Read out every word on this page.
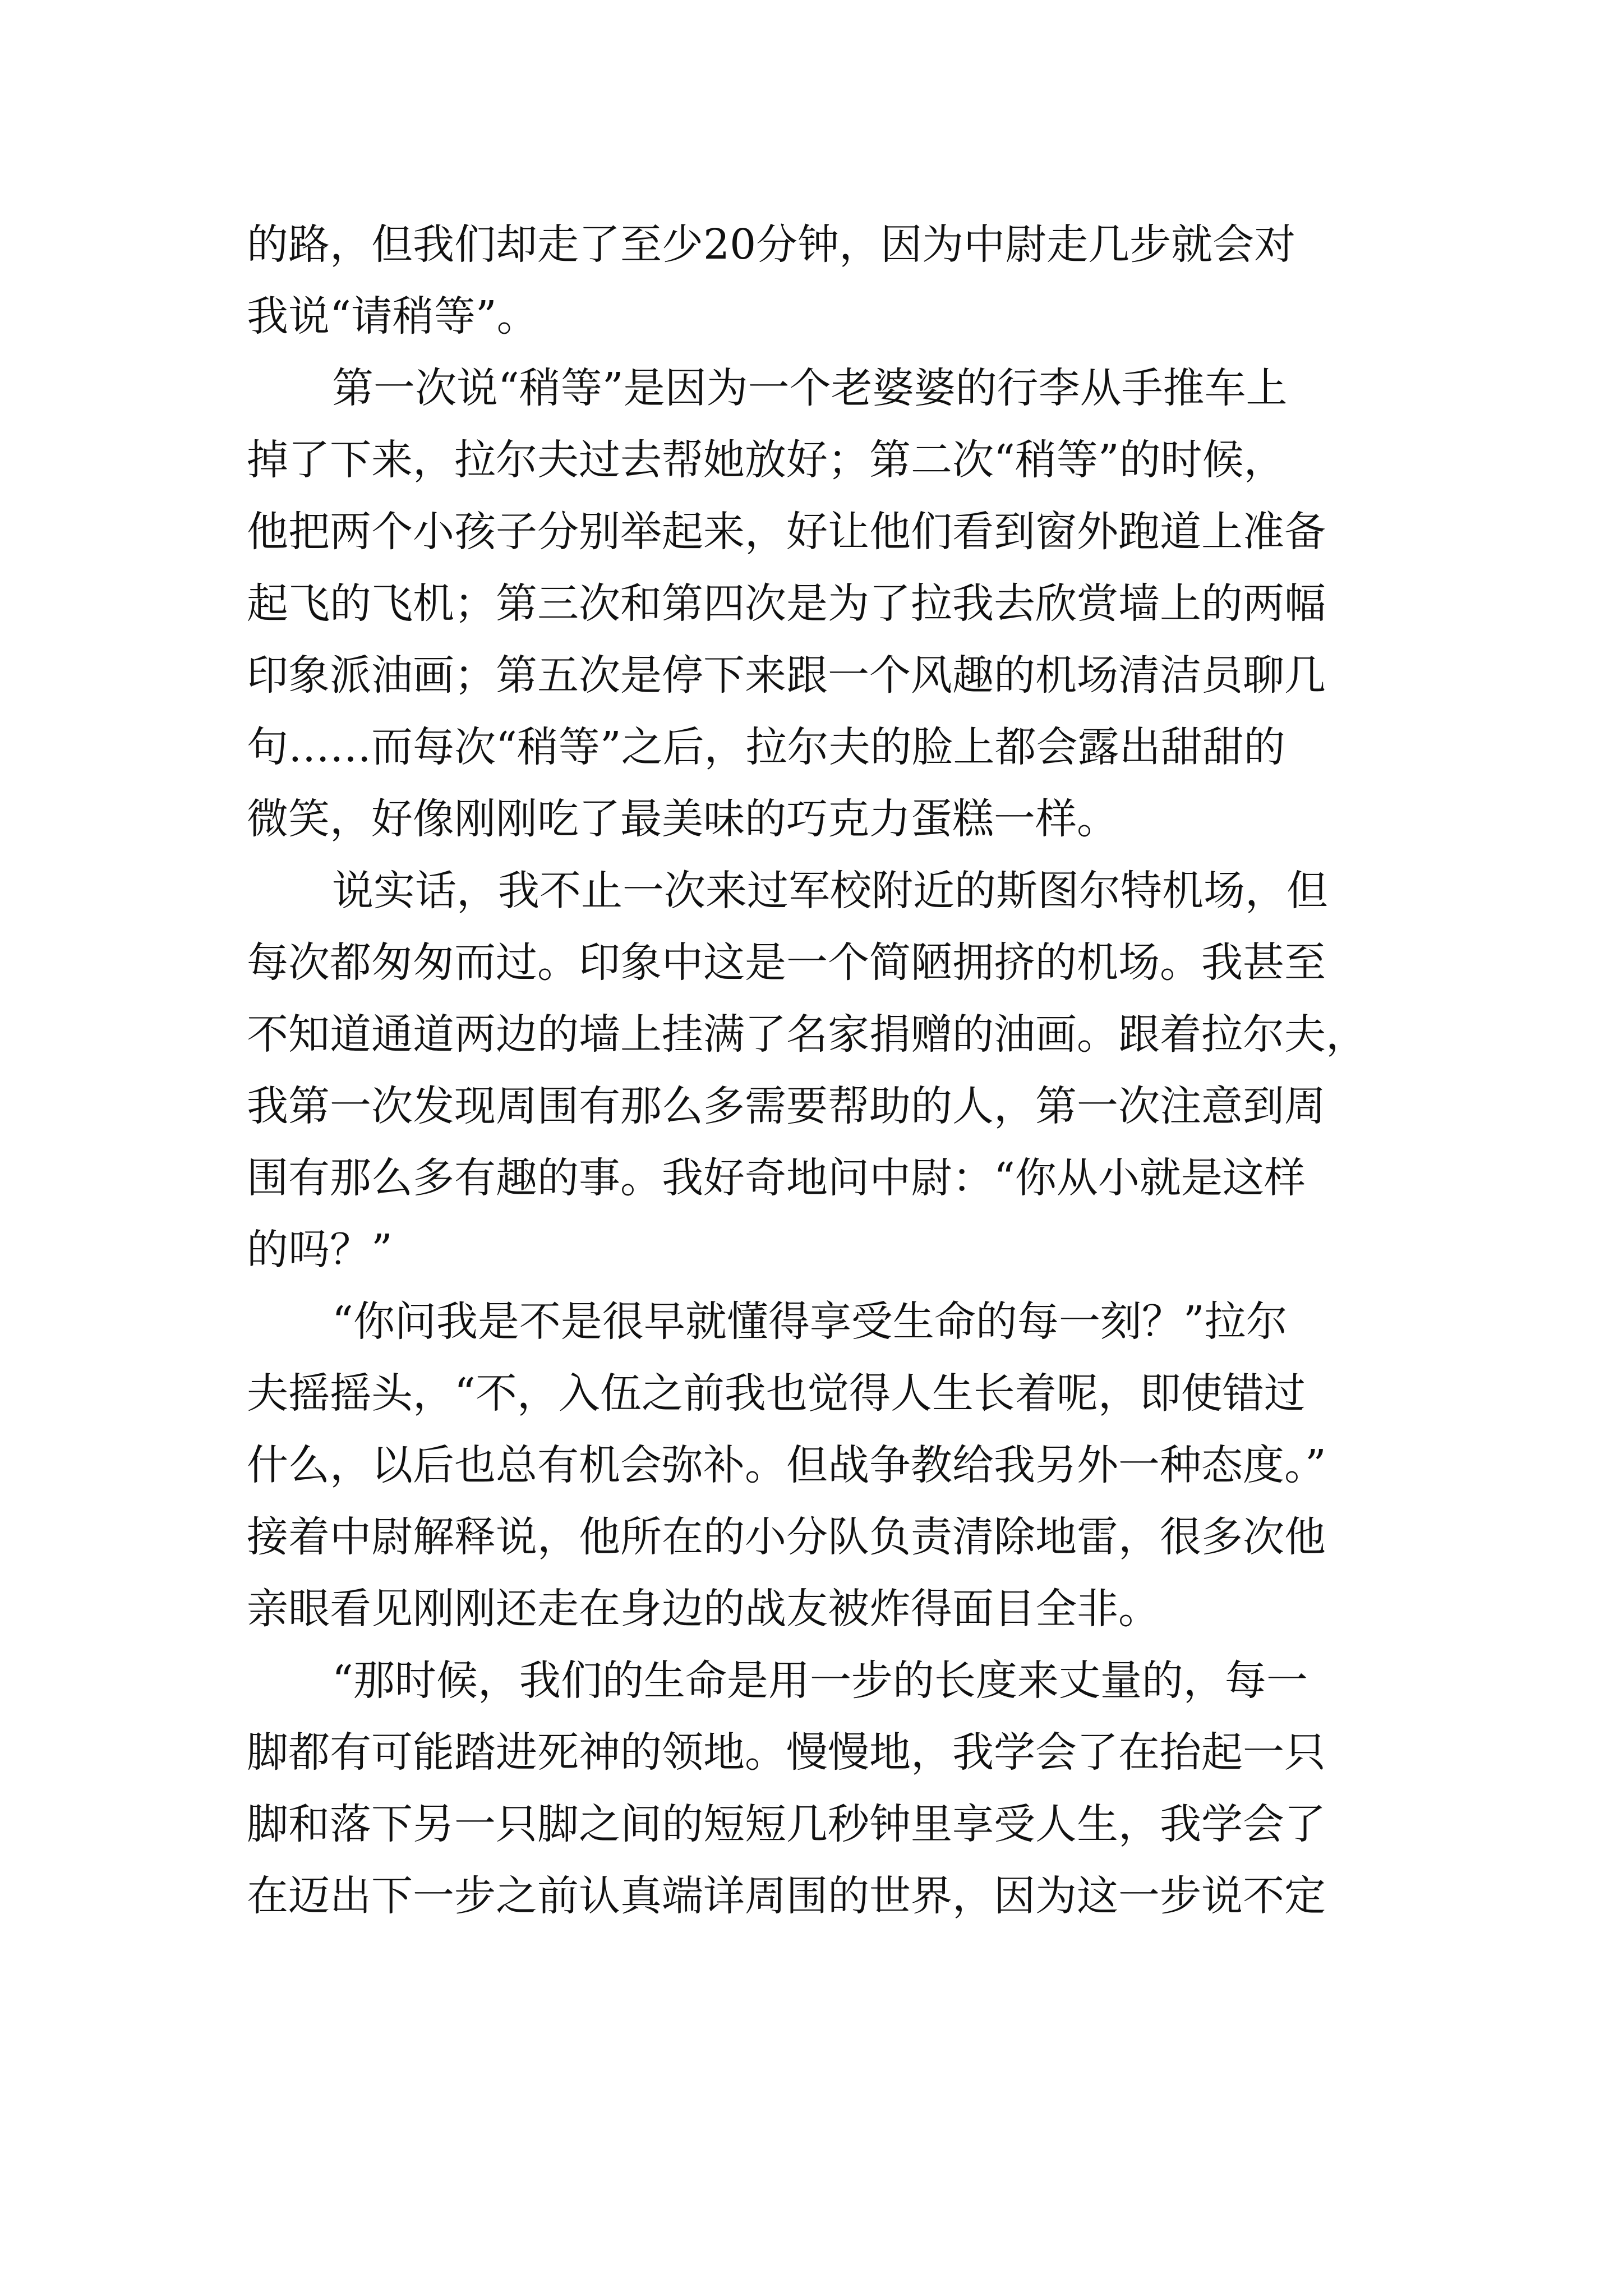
的路，但我们却走了至少20分钟，因为中尉走几步就会对
我说“请稍等”。
第一次说“稍等”是因为一个老婆婆的行李从手推车上
掉了下来，拉尔夫过去帮她放好；第二次“稍等”的时候，
他把两个小孩子分别举起来，好让他们看到窗外跑道上准备
起飞的飞机；第三次和第四次是为了拉我去欣赏墙上的两幅
印象派油画；第五次是停下来跟一个风趣的机场清洁员聊几
句……而每次“稍等”之后，拉尔夫的脸上都会露出甜甜的
微笑，好像刚刚吃了最美味的巧克力蛋糕一样。
说实话，我不止一次来过军校附近的斯图尔特机场，但
每次都匆匆而过。印象中这是一个简陋拥挤的机场。我甚至
不知道通道两边的墙上挂满了名家捐赠的油画。跟着拉尔夫，
我第一次发现周围有那么多需要帮助的人，第一次注意到周
围有那么多有趣的事。我好奇地问中尉：“你从小就是这样
的吗？”
“你问我是不是很早就懂得享受生命的每一刻？”拉尔
夫摇摇头，“不，入伍之前我也觉得人生长着呢，即使错过
什么，以后也总有机会弥补。但战争教给我另外一种态度。”
接着中尉解释说，他所在的小分队负责清除地雷，很多次他
亲眼看见刚刚还走在身边的战友被炸得面目全非。
“那时候，我们的生命是用一步的长度来丈量的，每一
脚都有可能踏进死神的领地。慢慢地，我学会了在抬起一只
脚和落下另一只脚之间的短短几秒钟里享受人生，我学会了
在迈出下一步之前认真端详周围的世界，因为这一步说不定
